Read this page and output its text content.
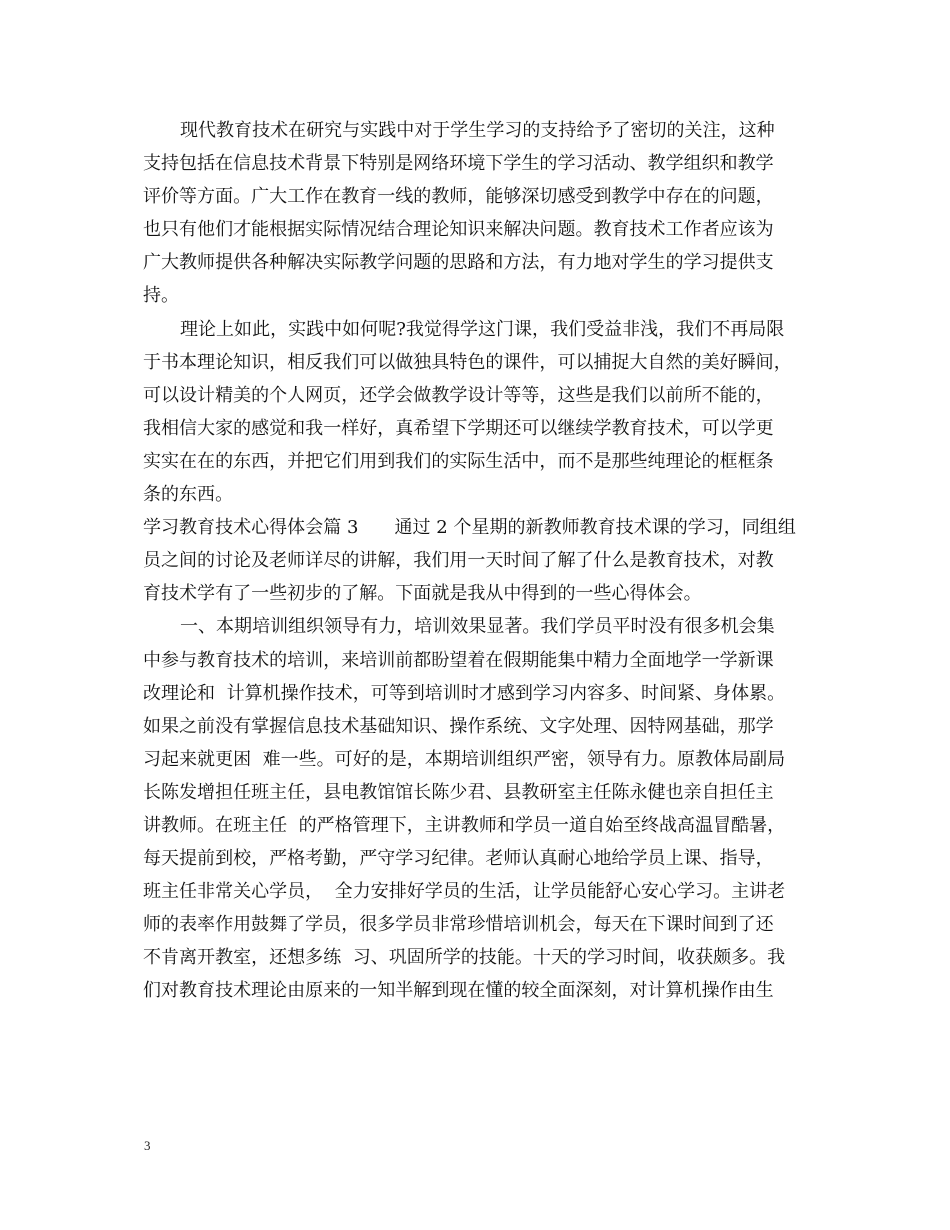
现代教育技术在研究与实践中对于学生学习的支持给予了密切的关注，这种
支持包括在信息技术背景下特别是网络环境下学生的学习活动、教学组织和教学
评价等方面。广大工作在教育一线的教师，能够深切感受到教学中存在的问题，
也只有他们才能根据实际情况结合理论知识来解决问题。教育技术工作者应该为
广大教师提供各种解决实际教学问题的思路和方法，有力地对学生的学习提供支
持。
理论上如此，实践中如何呢?我觉得学这门课，我们受益非浅，我们不再局限
于书本理论知识，相反我们可以做独具特色的课件，可以捕捉大自然的美好瞬间，
可以设计精美的个人网页，还学会做教学设计等等，这些是我们以前所不能的，
我相信大家的感觉和我一样好，真希望下学期还可以继续学教育技术，可以学更
实实在在的东西，并把它们用到我们的实际生活中，而不是那些纯理论的框框条
条的东西。
学习教育技术心得体会篇 3　　通过 2 个星期的新教师教育技术课的学习，同组组
员之间的讨论及老师详尽的讲解，我们用一天时间了解了什么是教育技术，对教
育技术学有了一些初步的了解。下面就是我从中得到的一些心得体会。
一、本期培训组织领导有力，培训效果显著。我们学员平时没有很多机会集
中参与教育技术的培训，来培训前都盼望着在假期能集中精力全面地学一学新课
改理论和  计算机操作技术，可等到培训时才感到学习内容多、时间紧、身体累。
如果之前没有掌握信息技术基础知识、操作系统、文字处理、因特网基础，那学
习起来就更困  难一些。可好的是，本期培训组织严密，领导有力。原教体局副局
长陈发增担任班主任，县电教馆馆长陈少君、县教研室主任陈永健也亲自担任主
讲教师。在班主任  的严格管理下，主讲教师和学员一道自始至终战高温冒酷暑，
每天提前到校，严格考勤，严守学习纪律。老师认真耐心地给学员上课、指导，
班主任非常关心学员，  全力安排好学员的生活，让学员能舒心安心学习。主讲老
师的表率作用鼓舞了学员，很多学员非常珍惜培训机会，每天在下课时间到了还
不肯离开教室，还想多练  习、巩固所学的技能。十天的学习时间，收获颇多。我
们对教育技术理论由原来的一知半解到现在懂的较全面深刻，对计算机操作由生
3
